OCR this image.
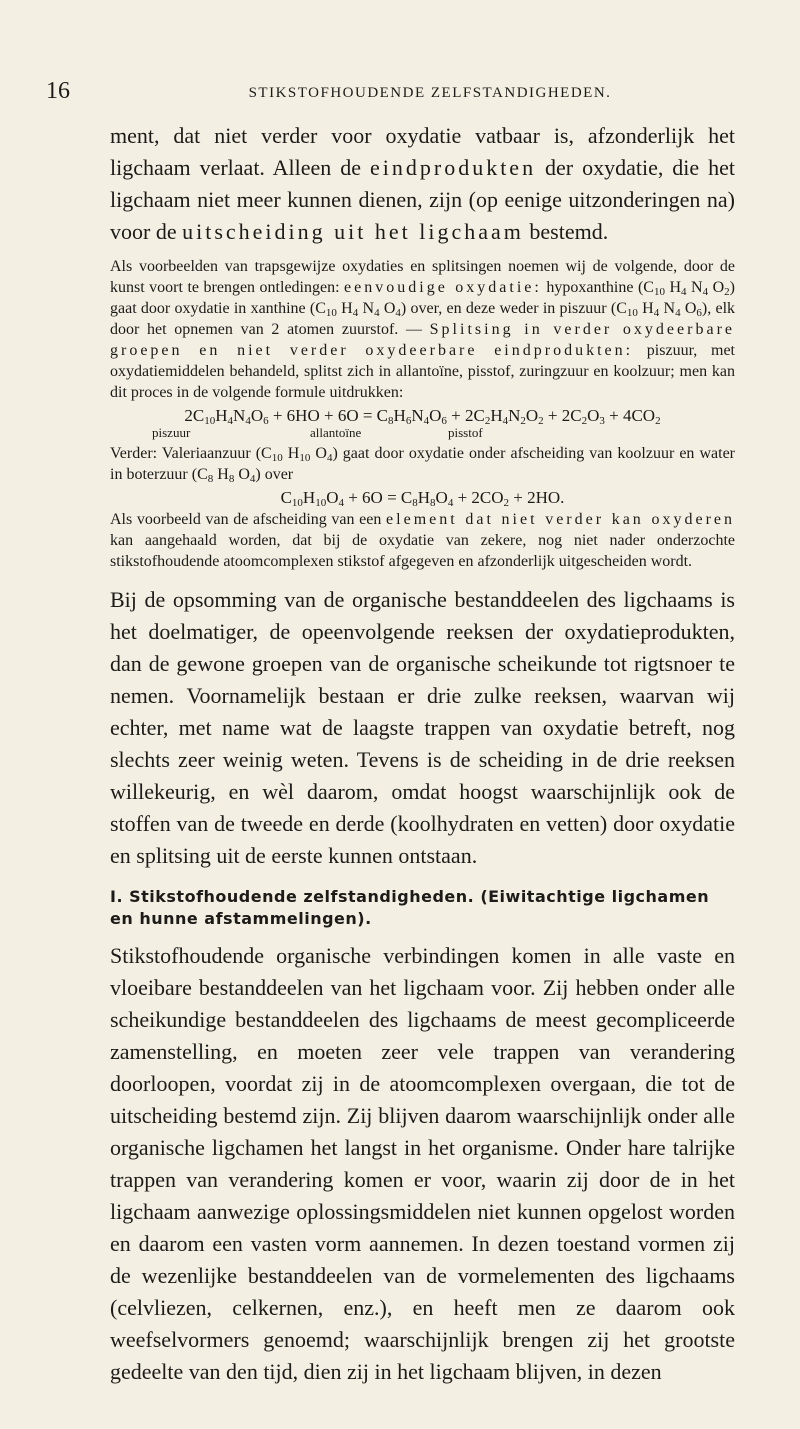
16	STIKSTOFHOUDENDE ZELFSTANDIGHEDEN.

ment, dat niet verder voor oxydatie vatbaar is, afzonderlijk het ligchaam verlaat. Alleen de eindprodukten der oxydatie, die het ligchaam niet meer kunnen dienen, zijn (op eenige uitzonderingen na) voor de uitscheiding uit het ligchaam bestemd.

Als voorbeelden van trapsgewijze oxydaties en splitsingen noemen wij de volgende, door de kunst voort te brengen ontledingen: eenvoudige oxydatie: hypoxanthine ($C_{10}$ $H_4$ $N_4$ $O_2$) gaat door oxydatie in xanthine ($C_{10}$ $H_4$ $N_4$ $O_4$) over, en deze weder in piszuur ($C_{10}$ $H_4$ $N_4$ $O_6$), elk door het opnemen van 2 atomen zuurstof. — Splitsing in verder oxydeerbare groepen en niet verder oxydeerbare eindprodukten: piszuur, met oxydatiemiddelen behandeld, splitst zich in allantoïne, pisstof, zuringzuur en koolzuur; men kan dit proces in de volgende formule uitdrukken:

$2C_{10}H_4N_4O_6 + 6HO + 6O = C_8H_6N_4O_6 + 2C_2H_4N_2O_2 + 2C_2O_3 + 4CO_2$
piszuur	allantoïne	pisstof

Verder: Valeriaanzuur ($C_{10}$ $H_{10}$ $O_4$) gaat door oxydatie onder afscheiding van koolzuur en water in boterzuur ($C_8$ $H_8$ $O_4$) over

$C_{10}H_{10}O_4 + 6O = C_8H_8O_4 + 2CO_2 + 2HO$.

Als voorbeeld van de afscheiding van een element dat niet verder kan oxyderen kan aangehaald worden, dat bij de oxydatie van zekere, nog niet nader onderzochte stikstofhoudende atoomcomplexen stikstof afgegeven en afzonderlijk uitgescheiden wordt.

Bij de opsomming van de organische bestanddeelen des ligchaams is het doelmatiger, de opeenvolgende reeksen der oxydatieprodukten, dan de gewone groepen van de organische scheikunde tot rigtsnoer te nemen. Voornamelijk bestaan er drie zulke reeksen, waarvan wij echter, met name wat de laagste trappen van oxydatie betreft, nog slechts zeer weinig weten. Tevens is de scheiding in de drie reeksen willekeurig, en wèl daarom, omdat hoogst waarschijnlijk ook de stoffen van de tweede en derde (koolhydraten en vetten) door oxydatie en splitsing uit de eerste kunnen ontstaan.

I. Stikstofhoudende zelfstandigheden. (Eiwitachtige ligchamen en hunne afstammelingen).

Stikstofhoudende organische verbindingen komen in alle vaste en vloeibare bestanddeelen van het ligchaam voor. Zij hebben onder alle scheikundige bestanddeelen des ligchaams de meest gecompliceerde zamenstelling, en moeten zeer vele trappen van verandering doorloopen, voordat zij in de atoomcomplexen overgaan, die tot de uitscheiding bestemd zijn. Zij blijven daarom waarschijnlijk onder alle organische ligchamen het langst in het organisme. Onder hare talrijke trappen van verandering komen er voor, waarin zij door de in het ligchaam aanwezige oplossingsmiddelen niet kunnen opgelost worden en daarom een vasten vorm aannemen. In dezen toestand vormen zij de wezenlijke bestanddeelen van de vormelementen des ligchaams (celvliezen, celkernen, enz.), en heeft men ze daarom ook weefselvormers genoemd; waarschijnlijk brengen zij het grootste gedeelte van den tijd, dien zij in het ligchaam blijven, in dezen
